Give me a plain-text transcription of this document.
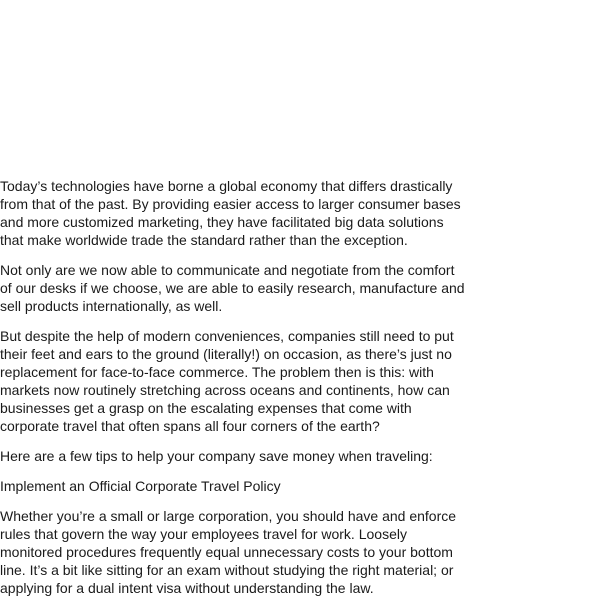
Today’s technologies have borne a global economy that differs drastically from that of the past. By providing easier access to larger consumer bases and more customized marketing, they have facilitated big data solutions that make worldwide trade the standard rather than the exception.

Not only are we now able to communicate and negotiate from the comfort of our desks if we choose, we are able to easily research, manufacture and sell products internationally, as well.

But despite the help of modern conveniences, companies still need to put their feet and ears to the ground (literally!) on occasion, as there’s just no replacement for face-to-face commerce. The problem then is this: with markets now routinely stretching across oceans and continents, how can businesses get a grasp on the escalating expenses that come with corporate travel that often spans all four corners of the earth?

Here are a few tips to help your company save money when traveling:

Implement an Official Corporate Travel Policy

Whether you’re a small or large corporation, you should have and enforce rules that govern the way your employees travel for work. Loosely monitored procedures frequently equal unnecessary costs to your bottom line. It’s a bit like sitting for an exam without studying the right material; or applying for a dual intent visa without understanding the law.
